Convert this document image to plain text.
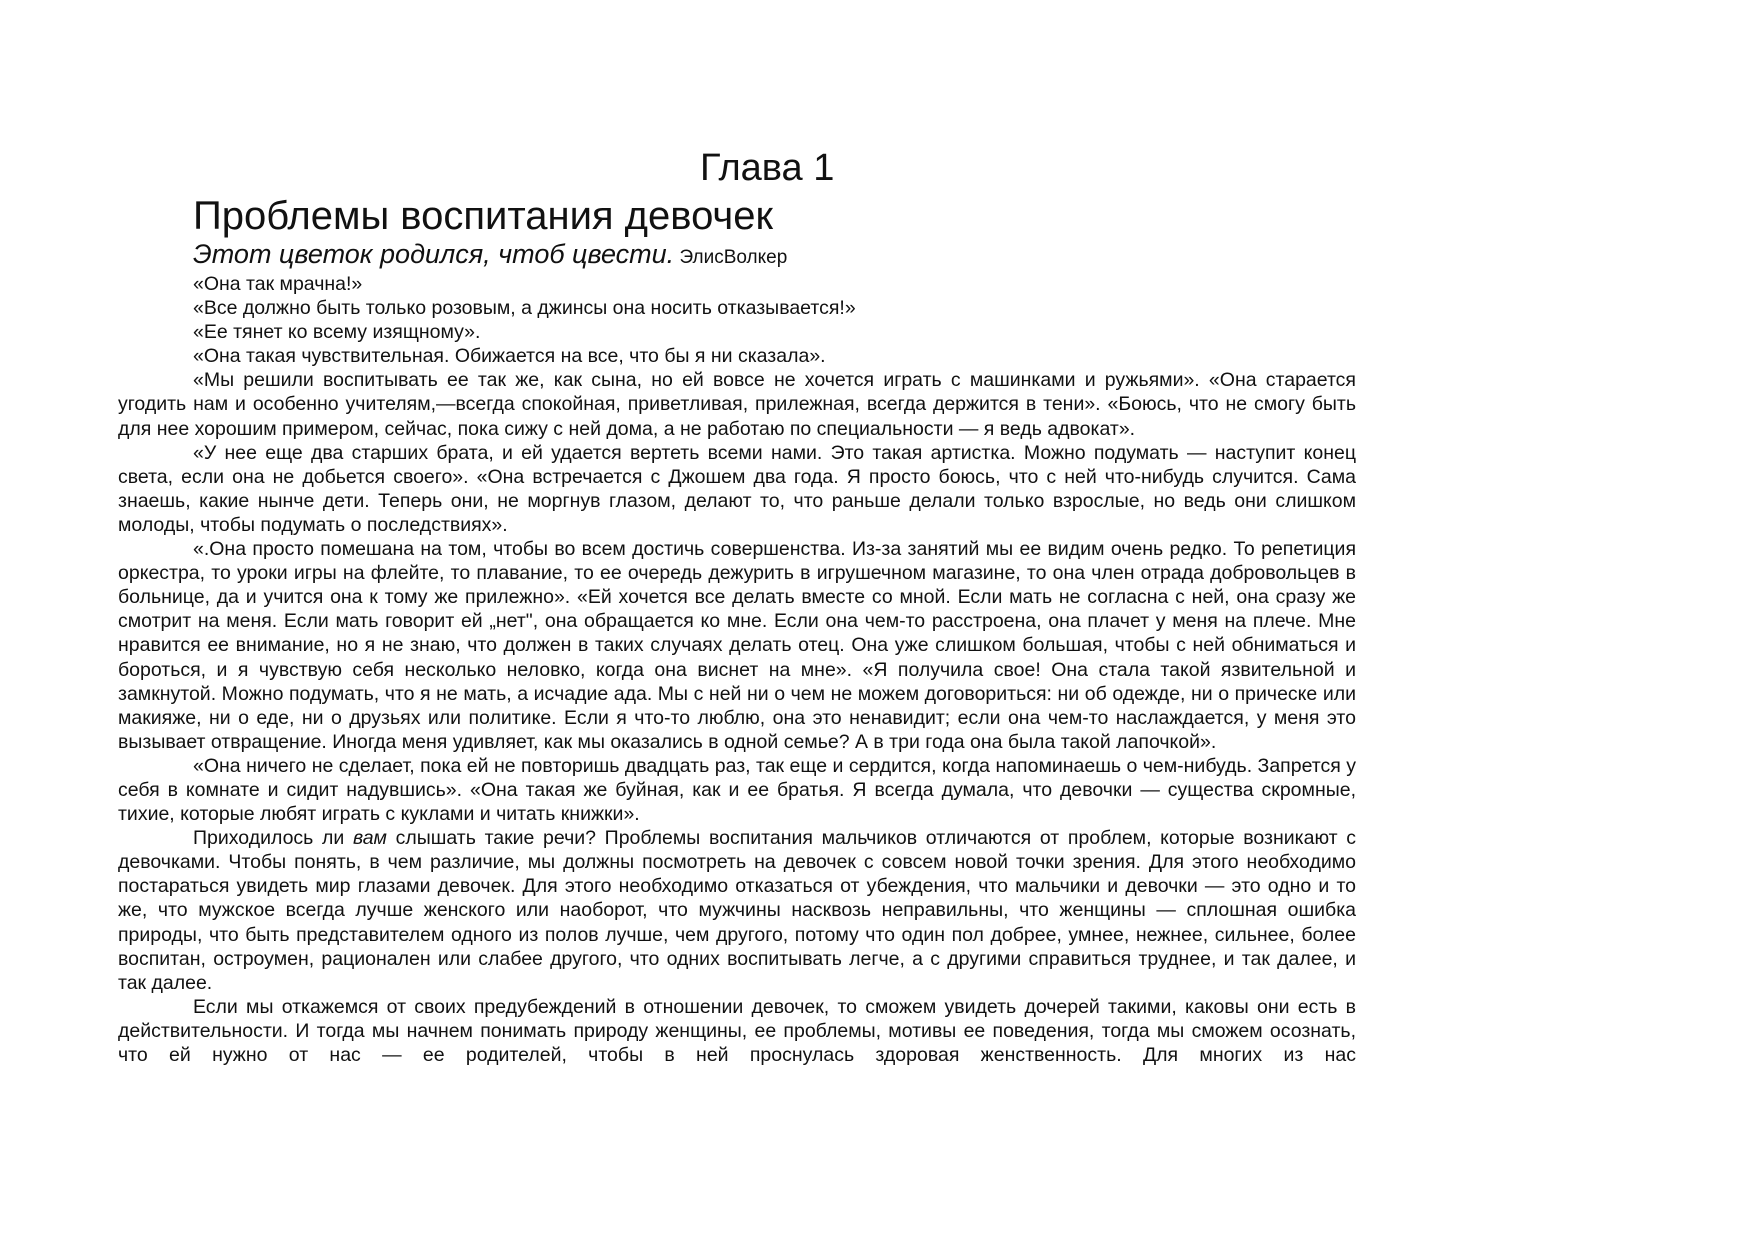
Глава 1
Проблемы воспитания девочек
Этот цветок родился, чтоб цвести. ЭлисВолкер

«Она так мрачна!»

«Все должно быть только розовым, а джинсы она носить отказывается!»

«Ее тянет ко всему изящному».

«Она такая чувствительная. Обижается на все, что бы я ни сказала».

«Мы решили воспитывать ее так же, как сына, но ей вовсе не хочется играть с машинками и ружьями». «Она старается угодить нам и особенно учителям,—всегда спокойная, приветливая, прилежная, всегда держится в тени». «Боюсь, что не смогу быть для нее хорошим примером, сейчас, пока сижу с ней дома, а не работаю по специальности — я ведь адвокат».

«У нее еще два старших брата, и ей удается вертеть всеми нами. Это такая артистка. Можно подумать — наступит конец света, если она не добьется своего». «Она встречается с Джошем два года. Я просто боюсь, что с ней что-нибудь случится. Сама знаешь, какие нынче дети. Теперь они, не моргнув глазом, делают то, что раньше делали только взрослые, но ведь они слишком молоды, чтобы подумать о последствиях».

«.Она просто помешана на том, чтобы во всем достичь совершенства. Из-за занятий мы ее видим очень редко. То репетиция оркестра, то уроки игры на флейте, то плавание, то ее очередь дежурить в игрушечном магазине, то она член отрада добровольцев в больнице, да и учится она к тому же прилежно». «Ей хочется все делать вместе со мной. Если мать не согласна с ней, она сразу же смотрит на меня. Если мать говорит ей „нет", она обращается ко мне. Если она чем-то расстроена, она плачет у меня на плече. Мне нравится ее внимание, но я не знаю, что должен в таких случаях делать отец. Она уже слишком большая, чтобы с ней обниматься и бороться, и я чувствую себя несколько неловко, когда она виснет на мне». «Я получила свое! Она стала такой язвительной и замкнутой. Можно подумать, что я не мать, а исчадие ада. Мы с ней ни о чем не можем договориться: ни об одежде, ни о прическе или макияже, ни о еде, ни о друзьях или политике. Если я что-то люблю, она это ненавидит; если она чем-то наслаждается, у меня это вызывает отвращение. Иногда меня удивляет, как мы оказались в одной семье? А в три года она была такой лапочкой».

«Она ничего не сделает, пока ей не повторишь двадцать раз, так еще и сердится, когда напоминаешь о чем-нибудь. Запрется у себя в комнате и сидит надувшись». «Она такая же буйная, как и ее братья. Я всегда думала, что девочки — существа скромные, тихие, которые любят играть с куклами и читать книжки».

Приходилось ли вам слышать такие речи? Проблемы воспитания мальчиков отличаются от проблем, которые возникают с девочками. Чтобы понять, в чем различие, мы должны посмотреть на девочек с совсем новой точки зрения. Для этого необходимо постараться увидеть мир глазами девочек. Для этого необходимо отказаться от убеждения, что мальчики и девочки — это одно и то же, что мужское всегда лучше женского или наоборот, что мужчины насквозь неправильны, что женщины — сплошная ошибка природы, что быть представителем одного из полов лучше, чем другого, потому что один пол добрее, умнее, нежнее, сильнее, более воспитан, остроумен, рационален или слабее другого, что одних воспитывать легче, а с другими справиться труднее, и так далее, и так далее.

Если мы откажемся от своих предубеждений в отношении девочек, то сможем увидеть дочерей такими, каковы они есть в действительности. И тогда мы начнем понимать природу женщины, ее проблемы, мотивы ее поведения, тогда мы сможем осознать, что ей нужно от нас — ее родителей, чтобы в ней проснулась здоровая женственность. Для многих из нас
